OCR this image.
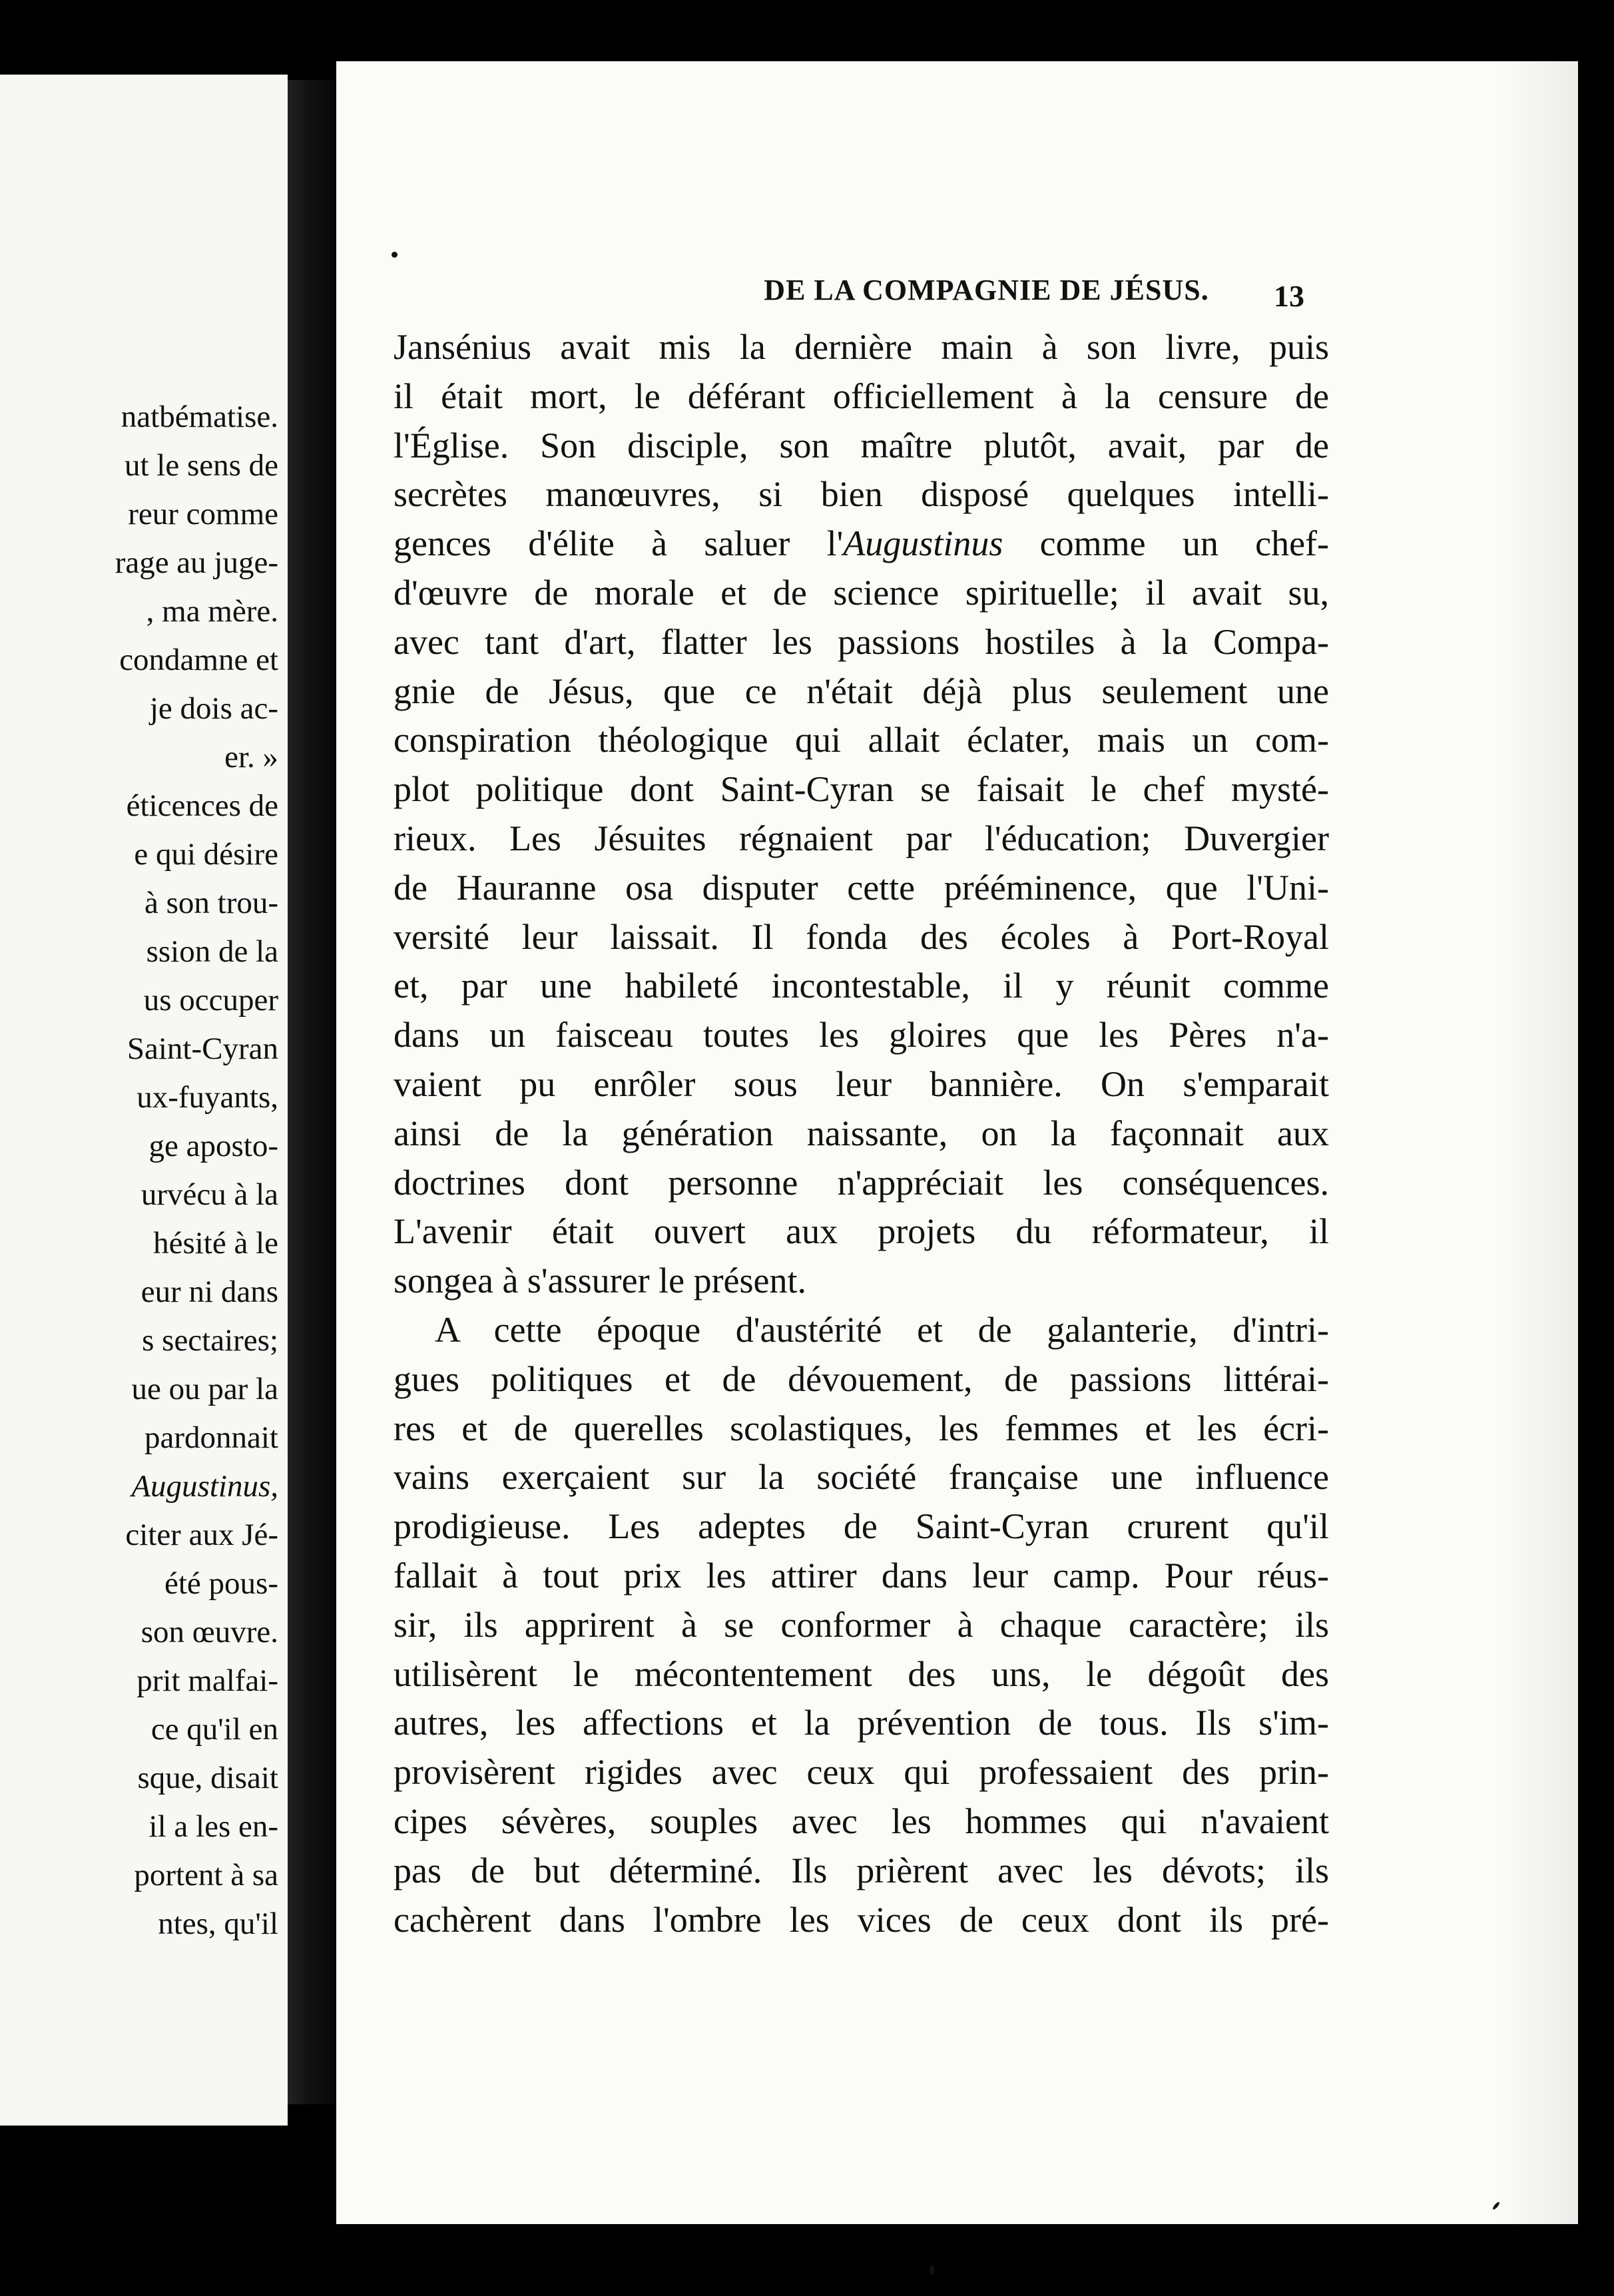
natbématise.
ut le sens de
reur comme
rage au juge-
, ma mère.
condamne et
je dois ac-
er. »
éticences de
e qui désire
à son trou-
ssion de la
us occuper
Saint-Cyran
ux-fuyants,
ge aposto-
urvécu à la
hésité à le
eur ni dans
s sectaires;
ue ou par la
pardonnait
Augustinus,
citer aux Jé-
été pous-
son œuvre.
prit malfai-
ce qu'il en
sque, disait
il a les en-
portent à sa
ntes, qu'il
DE LA COMPAGNIE DE JÉSUS.	13
Jansénius avait mis la dernière main à son livre, puis
il était mort, le déférant officiellement à la censure de
l'Église. Son disciple, son maître plutôt, avait, par de
secrètes manœuvres, si bien disposé quelques intelli-
gences d'élite à saluer l'Augustinus comme un chef-
d'œuvre de morale et de science spirituelle; il avait su,
avec tant d'art, flatter les passions hostiles à la Compa-
gnie de Jésus, que ce n'était déjà plus seulement une
conspiration théologique qui allait éclater, mais un com-
plot politique dont Saint-Cyran se faisait le chef mysté-
rieux. Les Jésuites régnaient par l'éducation; Duvergier
de Hauranne osa disputer cette prééminence, que l'Uni-
versité leur laissait. Il fonda des écoles à Port-Royal
et, par une habileté incontestable, il y réunit comme
dans un faisceau toutes les gloires que les Pères n'a-
vaient pu enrôler sous leur bannière. On s'emparait
ainsi de la génération naissante, on la façonnait aux
doctrines dont personne n'appréciait les conséquences.
L'avenir était ouvert aux projets du réformateur, il
songea à s'assurer le présent.
A cette époque d'austérité et de galanterie, d'intri-
gues politiques et de dévouement, de passions littérai-
res et de querelles scolastiques, les femmes et les écri-
vains exerçaient sur la société française une influence
prodigieuse. Les adeptes de Saint-Cyran crurent qu'il
fallait à tout prix les attirer dans leur camp. Pour réus-
sir, ils apprirent à se conformer à chaque caractère; ils
utilisèrent le mécontentement des uns, le dégoût des
autres, les affections et la prévention de tous. Ils s'im-
provisèrent rigides avec ceux qui professaient des prin-
cipes sévères, souples avec les hommes qui n'avaient
pas de but déterminé. Ils prièrent avec les dévots; ils
cachèrent dans l'ombre les vices de ceux dont ils pré-
